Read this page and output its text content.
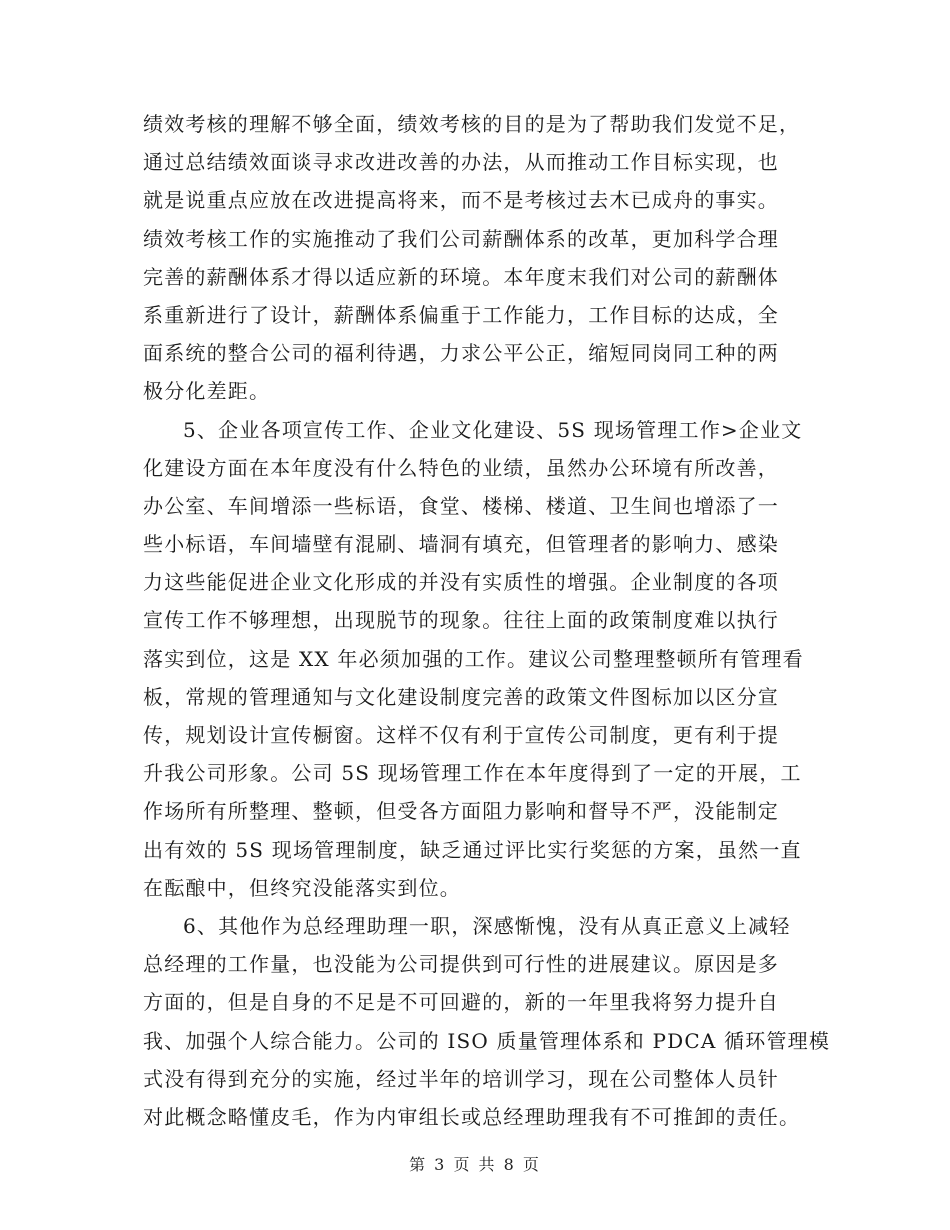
绩效考核的理解不够全面，绩效考核的目的是为了帮助我们发觉不足，
通过总结绩效面谈寻求改进改善的办法，从而推动工作目标实现，也
就是说重点应放在改进提高将来，而不是考核过去木已成舟的事实。
绩效考核工作的实施推动了我们公司薪酬体系的改革，更加科学合理
完善的薪酬体系才得以适应新的环境。本年度末我们对公司的薪酬体
系重新进行了设计，薪酬体系偏重于工作能力，工作目标的达成，全
面系统的整合公司的福利待遇，力求公平公正，缩短同岗同工种的两
极分化差距。
5、企业各项宣传工作、企业文化建设、5S 现场管理工作>企业文
化建设方面在本年度没有什么特色的业绩，虽然办公环境有所改善，
办公室、车间增添一些标语，食堂、楼梯、楼道、卫生间也增添了一
些小标语，车间墙壁有混刷、墙洞有填充，但管理者的影响力、感染
力这些能促进企业文化形成的并没有实质性的增强。企业制度的各项
宣传工作不够理想，出现脱节的现象。往往上面的政策制度难以执行
落实到位，这是 XX 年必须加强的工作。建议公司整理整顿所有管理看
板，常规的管理通知与文化建设制度完善的政策文件图标加以区分宣
传，规划设计宣传橱窗。这样不仅有利于宣传公司制度，更有利于提
升我公司形象。公司 5S 现场管理工作在本年度得到了一定的开展，工
作场所有所整理、整顿，但受各方面阻力影响和督导不严，没能制定
出有效的 5S 现场管理制度，缺乏通过评比实行奖惩的方案，虽然一直
在酝酿中，但终究没能落实到位。
6、其他作为总经理助理一职，深感惭愧，没有从真正意义上减轻
总经理的工作量，也没能为公司提供到可行性的进展建议。原因是多
方面的，但是自身的不足是不可回避的，新的一年里我将努力提升自
我、加强个人综合能力。公司的 ISO 质量管理体系和 PDCA 循环管理模
式没有得到充分的实施，经过半年的培训学习，现在公司整体人员针
对此概念略懂皮毛，作为内审组长或总经理助理我有不可推卸的责任。
第 3 页 共 8 页
